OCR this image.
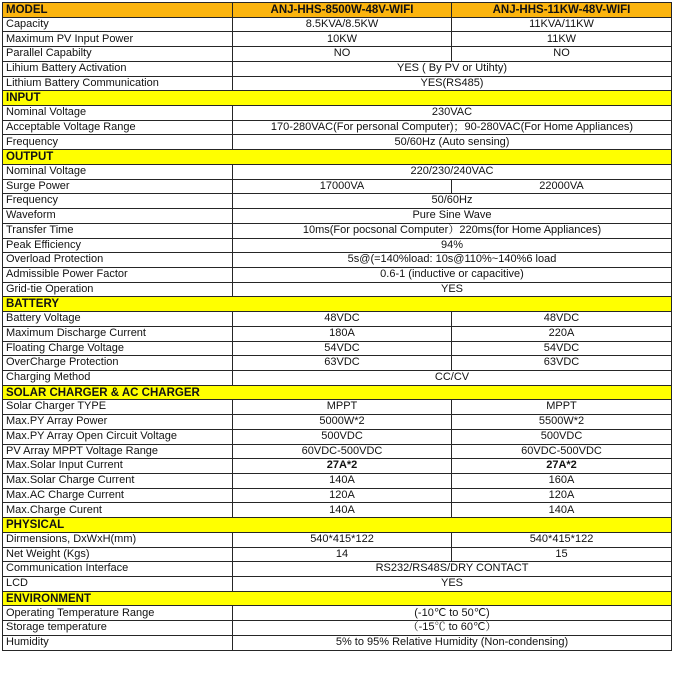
MODEL	ANJ-HHS-8500W-48V-WIFI	ANJ-HHS-11KW-48V-WIFI
Capacity	8.5KVA/8.5KW	11KVA/11KW
Maximum PV Input Power	10KW	11KW
Parallel Capabilty	NO	NO
Lihium Battery Activation	YES ( By PV or Utihty)	
Lithium Battery Communication	YES(RS485)	
INPUT		
Nominal Voltage	230VAC	
Acceptable Voltage Range	170-280VAC(For personal Computer)；90-280VAC(For Home Appliances)	
Frequency	50/60Hz (Auto sensing)	
OUTPUT		
Nominal Voltage	220/230/240VAC	
Surge Power	17000VA	22000VA
Frequency	50/60Hz	
Waveform	Pure Sine Wave	
Transfer Time	10ms(For pocsonal Computer）220ms(for Home Appliances)	
Peak Efficiency	94%	
Overload Protection	5s@(=140%load: 10s@110%~140%6 load	
Admissible Power Factor	0.6-1 (inductive or capacitive)	
Grid-tie Operation	YES	
BATTERY		
Battery Voltage	48VDC	48VDC
Maximum Discharge Current	180A	220A
Floating Charge Voltage	54VDC	54VDC
OverCharge Protection	63VDC	63VDC
Charging Method	CC/CV	
SOLAR CHARGER & AC CHARGER		
Solar Charger TYPE	MPPT	MPPT
Max.PY Array Power	5000W*2	5500W*2
Max.PY Array Open Circuit Voltage	500VDC	500VDC
PV Array MPPT Voltage Range	60VDC-500VDC	60VDC-500VDC
Max.Solar Input Current	27A*2	27A*2
Max.Solar Charge Current	140A	160A
Max.AC Charge Current	120A	120A
Max.Charge Curent	140A	140A
PHYSICAL		
Dirmensions, DxWxH(mm)	540*415*122	540*415*122
Net Weight (Kgs)	14	15
Communication Interface	RS232/RS48S/DRY CONTACT	
LCD	YES	
ENVIRONMENT		
Operating Temperature Range	(-10℃ to 50℃)	
Storage temperature	（-15℃ to 60℃）	
Humidity	5% to 95% Relative Humidity (Non-condensing)	
